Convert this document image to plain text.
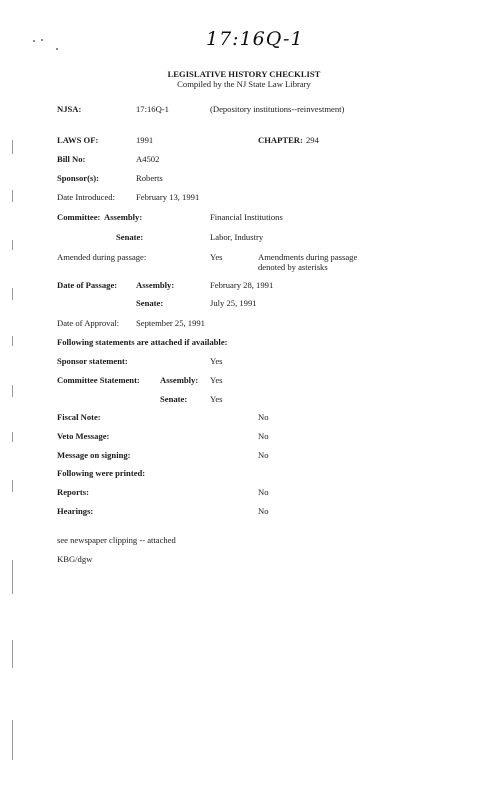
17:16Q-1
LEGISLATIVE HISTORY CHECKLIST
Compiled by the NJ State Law Library
NJSA:	17:16Q-1	(Depository institutions--reinvestment)
LAWS OF:	1991	CHAPTER: 294
Bill No:	A4502
Sponsor(s):	Roberts
Date Introduced: February 13, 1991
Committee: Assembly:	Financial Institutions
Senate:	Labor, Industry
Amended during passage:	Yes	Amendments during passage
denoted by asterisks
Date of Passage: Assembly:	February 28, 1991
Senate:	July 25, 1991
Date of Approval: September 25, 1991
Following statements are attached if available:
Sponsor statement:	Yes
Committee Statement: Assembly: Yes
Senate:	Yes
Fiscal Note:	No
Veto Message:	No
Message on signing:	No
Following were printed:
Reports:	No
Hearings:	No
see newspaper clipping -- attached
KBG/dgw
